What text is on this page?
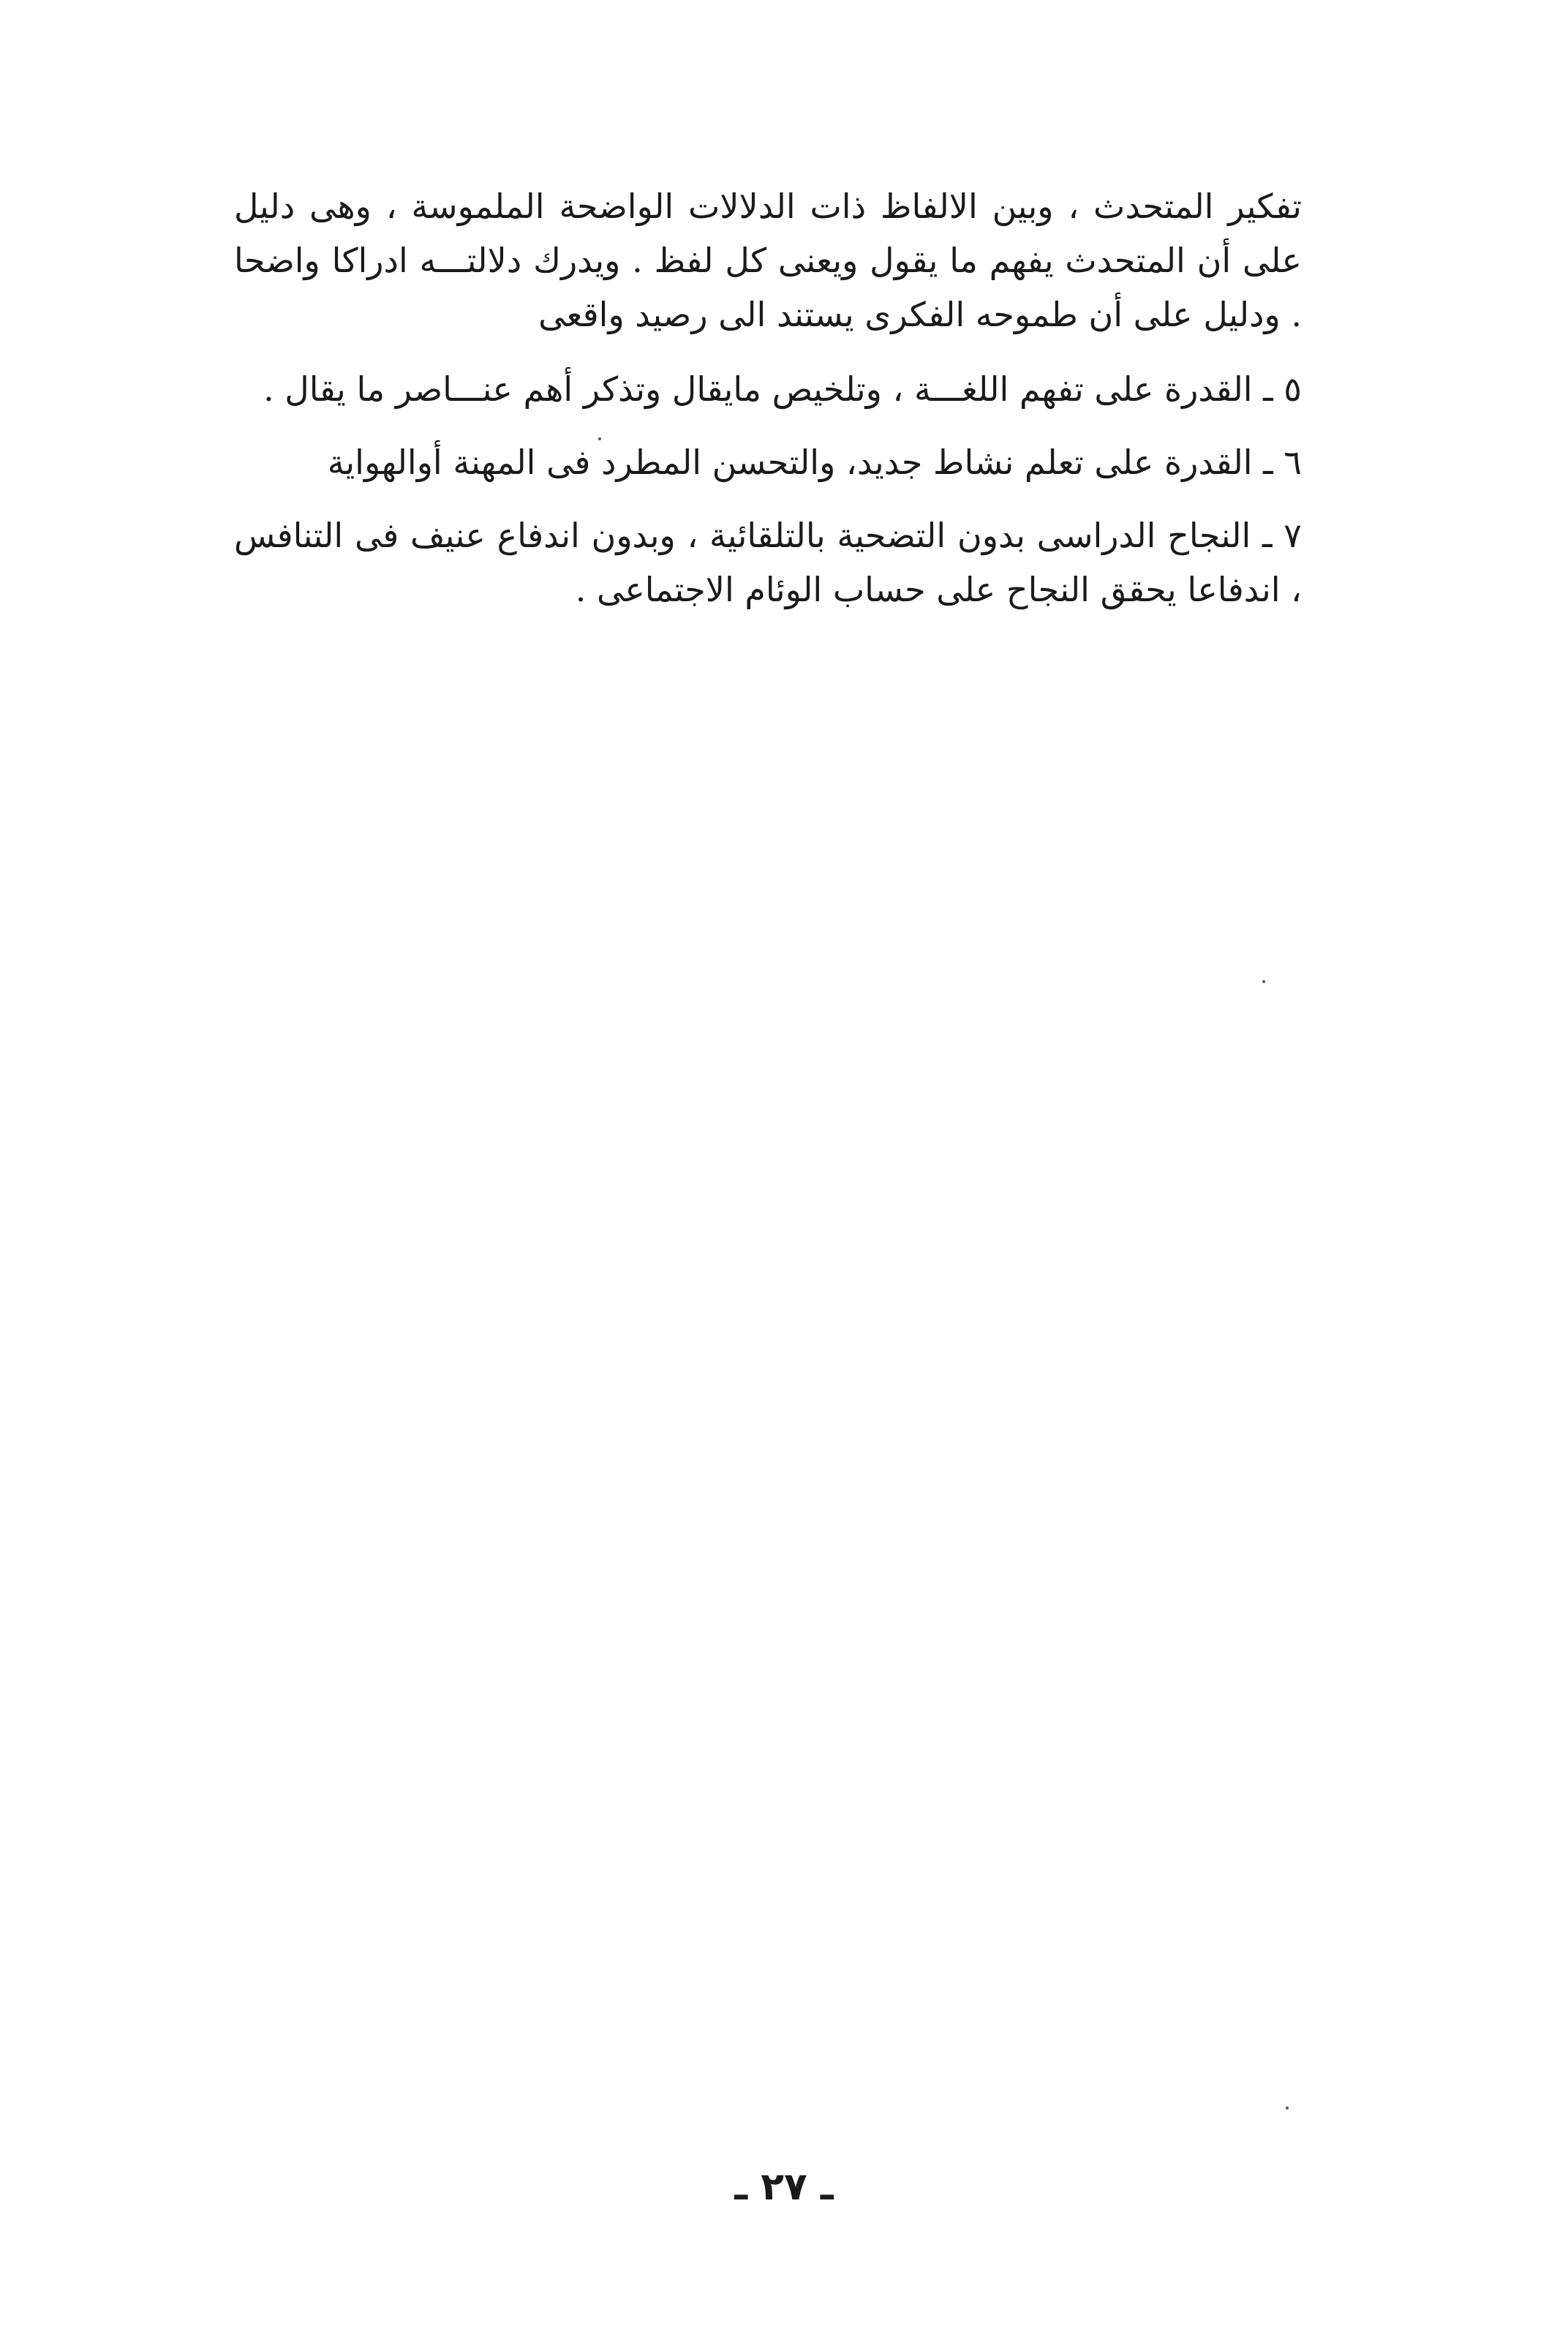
تفكير المتحدث ، وبين الالفاظ ذات الدلالات الواضحة الملموسة ، وهى دليل على أن المتحدث يفهم ما يقول ويعنى كل لفظ . ويدرك دلالتـــه ادراكا واضحا . ودليل على أن طموحه الفكرى يستند الى رصيد واقعى

٥ ـ القدرة على تفهم اللغـــة ، وتلخيص مايقال وتذكر أهم عنـــاصر ما يقال .

٦ ـ القدرة على تعلم نشاط جديد، والتحسن المطرد فى المهنة أوالهواية

٧ ـ النجاح الدراسى بدون التضحية بالتلقائية ، وبدون اندفاع عنيف فى التنافس ، اندفاعا يحقق النجاح على حساب الوئام الاجتماعى .

ـ ٢٧ ـ
